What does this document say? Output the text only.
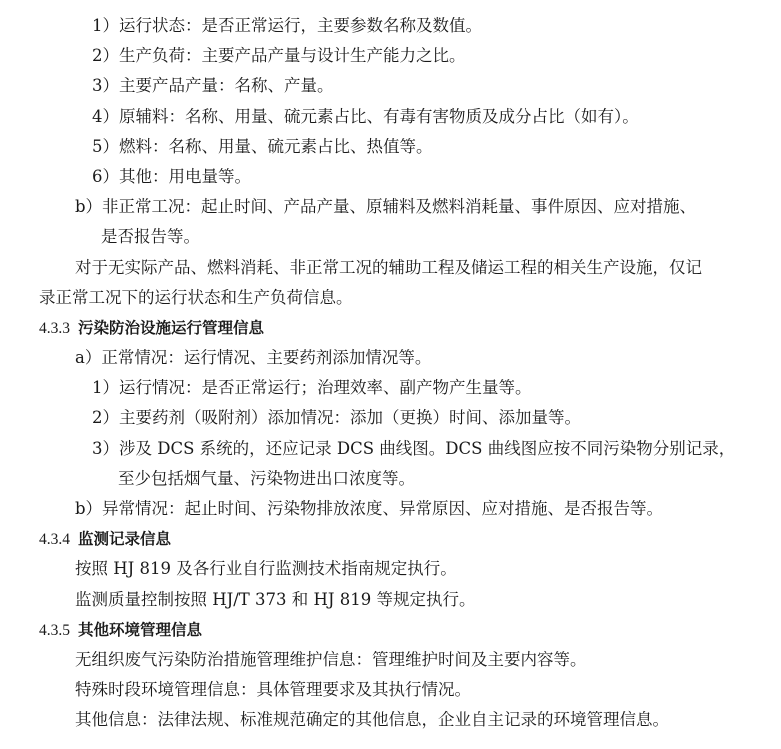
1）运行状态：是否正常运行，主要参数名称及数值。
2）生产负荷：主要产品产量与设计生产能力之比。
3）主要产品产量：名称、产量。
4）原辅料：名称、用量、硫元素占比、有毒有害物质及成分占比（如有）。
5）燃料：名称、用量、硫元素占比、热值等。
6）其他：用电量等。
b）非正常工况：起止时间、产品产量、原辅料及燃料消耗量、事件原因、应对措施、
是否报告等。
对于无实际产品、燃料消耗、非正常工况的辅助工程及储运工程的相关生产设施，仅记
录正常工况下的运行状态和生产负荷信息。
4.3.3 污染防治设施运行管理信息
a）正常情况：运行情况、主要药剂添加情况等。
1）运行情况：是否正常运行；治理效率、副产物产生量等。
2）主要药剂（吸附剂）添加情况：添加（更换）时间、添加量等。
3）涉及 DCS 系统的，还应记录 DCS 曲线图。DCS 曲线图应按不同污染物分别记录，
至少包括烟气量、污染物进出口浓度等。
b）异常情况：起止时间、污染物排放浓度、异常原因、应对措施、是否报告等。
4.3.4 监测记录信息
按照 HJ 819 及各行业自行监测技术指南规定执行。
监测质量控制按照 HJ/T 373 和 HJ 819 等规定执行。
4.3.5 其他环境管理信息
无组织废气污染防治措施管理维护信息：管理维护时间及主要内容等。
特殊时段环境管理信息：具体管理要求及其执行情况。
其他信息：法律法规、标准规范确定的其他信息，企业自主记录的环境管理信息。
